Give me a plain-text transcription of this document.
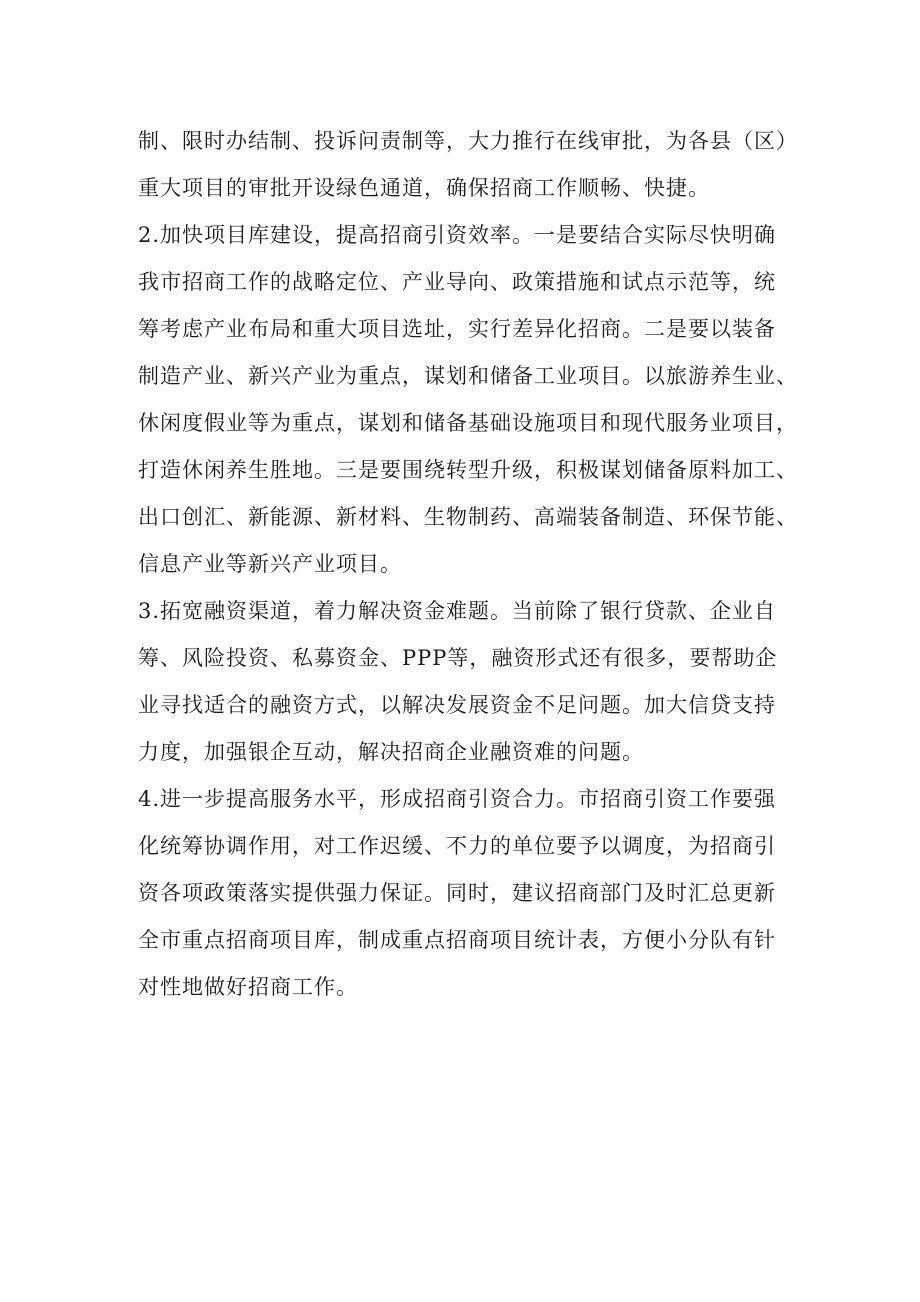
制、限时办结制、投诉问责制等，大力推行在线审批，为各县（区）
重大项目的审批开设绿色通道，确保招商工作顺畅、快捷。
2.加快项目库建设，提高招商引资效率。一是要结合实际尽快明确
我市招商工作的战略定位、产业导向、政策措施和试点示范等，统
筹考虑产业布局和重大项目选址，实行差异化招商。二是要以装备
制造产业、新兴产业为重点，谋划和储备工业项目。以旅游养生业、
休闲度假业等为重点，谋划和储备基础设施项目和现代服务业项目，
打造休闲养生胜地。三是要围绕转型升级，积极谋划储备原料加工、
出口创汇、新能源、新材料、生物制药、高端装备制造、环保节能、
信息产业等新兴产业项目。
3.拓宽融资渠道，着力解决资金难题。当前除了银行贷款、企业自
筹、风险投资、私募资金、PPP等，融资形式还有很多，要帮助企
业寻找适合的融资方式，以解决发展资金不足问题。加大信贷支持
力度，加强银企互动，解决招商企业融资难的问题。
4.进一步提高服务水平，形成招商引资合力。市招商引资工作要强
化统筹协调作用，对工作迟缓、不力的单位要予以调度，为招商引
资各项政策落实提供强力保证。同时，建议招商部门及时汇总更新
全市重点招商项目库，制成重点招商项目统计表，方便小分队有针
对性地做好招商工作。
